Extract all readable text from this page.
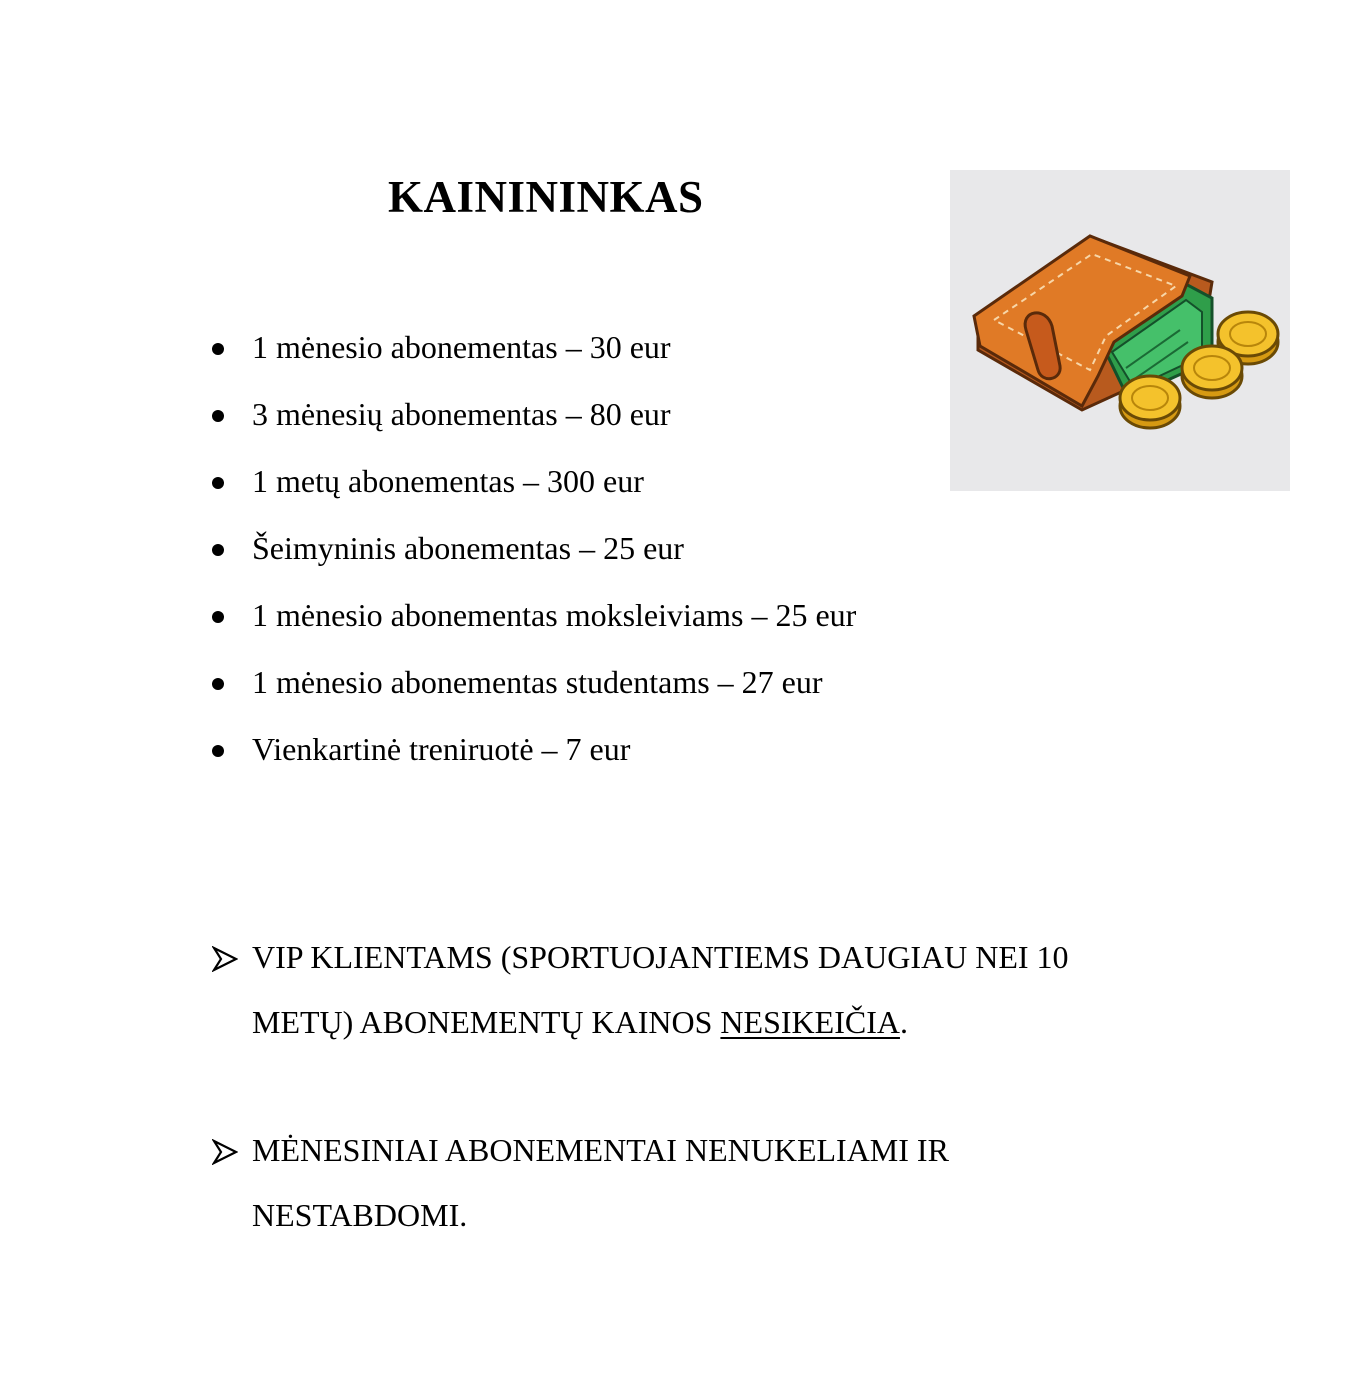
KAINININKAS
1 mėnesio abonementas – 30 eur
3 mėnesių abonementas – 80 eur
1 metų abonementas – 300 eur
Šeimyninis abonementas – 25 eur
1 mėnesio abonementas moksleiviams – 25 eur
1 mėnesio abonementas studentams – 27 eur
Vienkartinė treniruotė – 7 eur
VIP KLIENTAMS (SPORTUOJANTIEMS DAUGIAU NEI 10
METŲ) ABONEMENTŲ KAINOS NESIKEIČIA.
MĖNESINIAI ABONEMENTAI NENUKELIAMI IR
NESTABDOMI.
